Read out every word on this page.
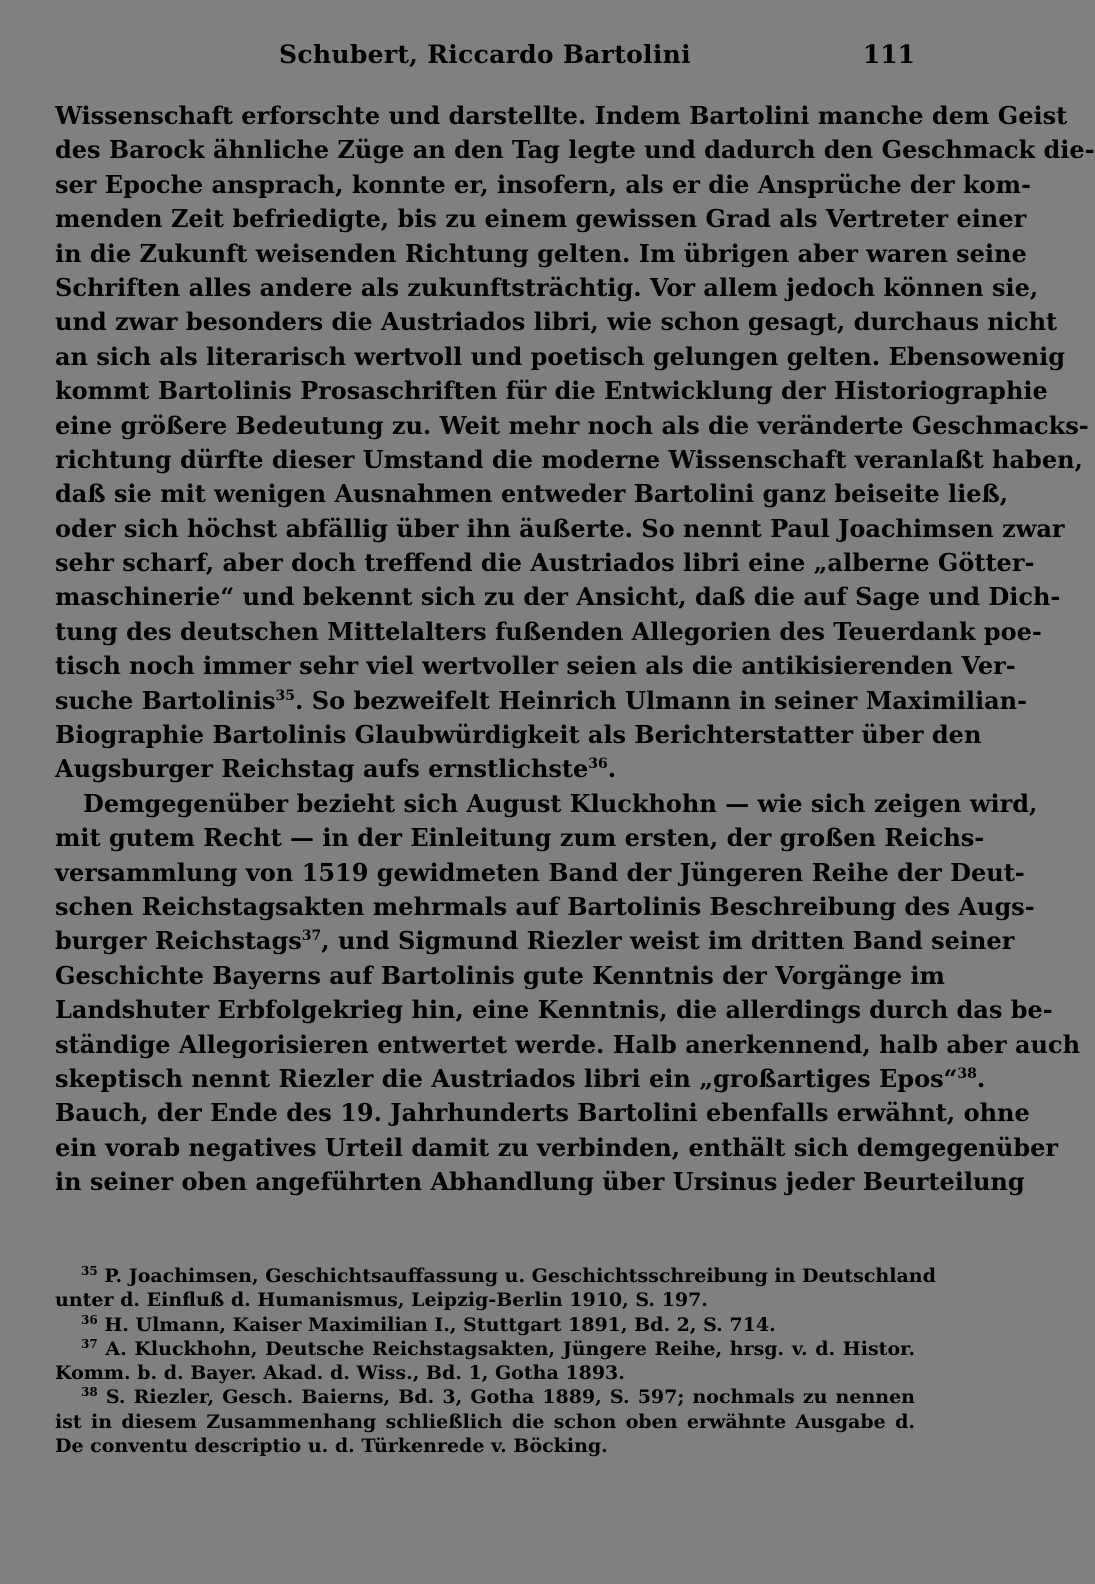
Schubert, Riccardo Bartolini	111
Wissenschaft erforschte und darstellte. Indem Bartolini manche dem Geist
des Barock ähnliche Züge an den Tag legte und dadurch den Geschmack die-
ser Epoche ansprach, konnte er, insofern, als er die Ansprüche der kom-
menden Zeit befriedigte, bis zu einem gewissen Grad als Vertreter einer
in die Zukunft weisenden Richtung gelten. Im übrigen aber waren seine
Schriften alles andere als zukunftsträchtig. Vor allem jedoch können sie,
und zwar besonders die Austriados libri, wie schon gesagt, durchaus nicht
an sich als literarisch wertvoll und poetisch gelungen gelten. Ebensowenig
kommt Bartolinis Prosaschriften für die Entwicklung der Historiographie
eine größere Bedeutung zu. Weit mehr noch als die veränderte Geschmacks-
richtung dürfte dieser Umstand die moderne Wissenschaft veranlaßt haben,
daß sie mit wenigen Ausnahmen entweder Bartolini ganz beiseite ließ,
oder sich höchst abfällig über ihn äußerte. So nennt Paul Joachimsen zwar
sehr scharf, aber doch treffend die Austriados libri eine „alberne Götter-
maschinerie“ und bekennt sich zu der Ansicht, daß die auf Sage und Dich-
tung des deutschen Mittelalters fußenden Allegorien des Teuerdank poe-
tisch noch immer sehr viel wertvoller seien als die antikisierenden Ver-
suche Bartolinis$^{35}$. So bezweifelt Heinrich Ulmann in seiner Maximilian-
Biographie Bartolinis Glaubwürdigkeit als Berichterstatter über den
Augsburger Reichstag aufs ernstlichste$^{36}$.
Demgegenüber bezieht sich August Kluckhohn — wie sich zeigen wird,
mit gutem Recht — in der Einleitung zum ersten, der großen Reichs-
versammlung von 1519 gewidmeten Band der Jüngeren Reihe der Deut-
schen Reichstagsakten mehrmals auf Bartolinis Beschreibung des Augs-
burger Reichstags$^{37}$, und Sigmund Riezler weist im dritten Band seiner
Geschichte Bayerns auf Bartolinis gute Kenntnis der Vorgänge im
Landshuter Erbfolgekrieg hin, eine Kenntnis, die allerdings durch das be-
ständige Allegorisieren entwertet werde. Halb anerkennend, halb aber auch
skeptisch nennt Riezler die Austriados libri ein „großartiges Epos“$^{38}$.
Bauch, der Ende des 19. Jahrhunderts Bartolini ebenfalls erwähnt, ohne
ein vorab negatives Urteil damit zu verbinden, enthält sich demgegenüber
in seiner oben angeführten Abhandlung über Ursinus jeder Beurteilung
$^{35}$ P. Joachimsen, Geschichtsauffassung u. Geschichtsschreibung in Deutschland
unter d. Einfluß d. Humanismus, Leipzig-Berlin 1910, S. 197.
$^{36}$ H. Ulmann, Kaiser Maximilian I., Stuttgart 1891, Bd. 2, S. 714.
$^{37}$ A. Kluckhohn, Deutsche Reichstagsakten, Jüngere Reihe, hrsg. v. d. Histor.
Komm. b. d. Bayer. Akad. d. Wiss., Bd. 1, Gotha 1893.
$^{38}$ S. Riezler, Gesch. Baierns, Bd. 3, Gotha 1889, S. 597; nochmals zu nennen
ist in diesem Zusammenhang schließlich die schon oben erwähnte Ausgabe d.
De conventu descriptio u. d. Türkenrede v. Böcking.
